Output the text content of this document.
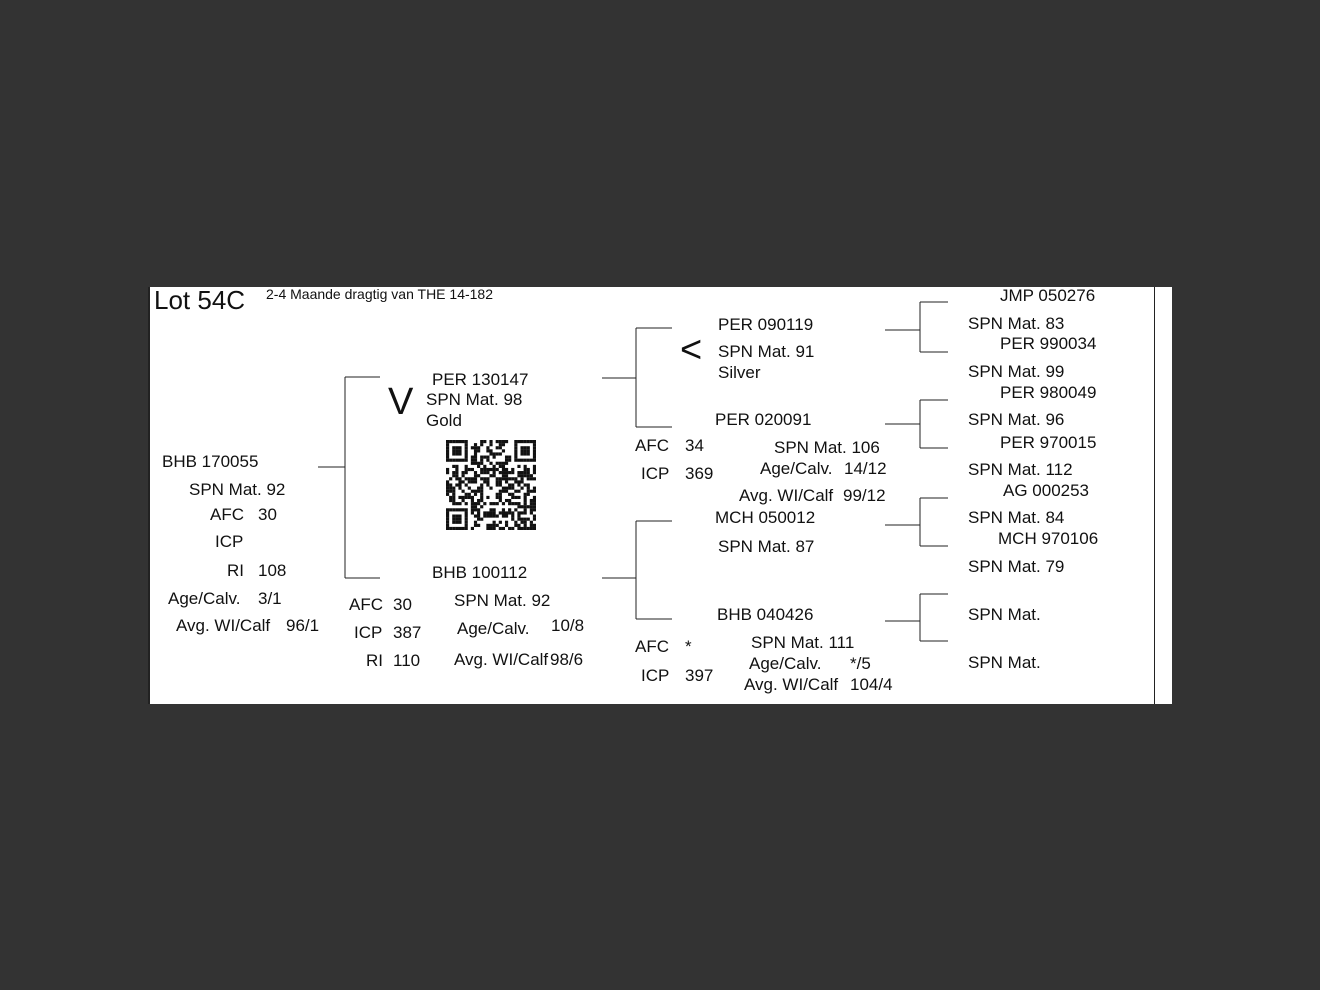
Lot 54C 2-4 Maande dragtig van THE 14-182
BHB 170055
SPN Mat. 92
AFC 30
ICP
RI 108
Age/Calv. 3/1
Avg. WI/Calf 96/1
V
PER 130147
SPN Mat. 98
Gold
BHB 100112
SPN Mat. 92
AFC 30
ICP 387
RI 110
Age/Calv. 10/8
Avg. WI/Calf 98/6
PER 090119
< SPN Mat. 91
Silver
PER 020091
AFC 34	SPN Mat. 106
ICP 369	Age/Calv. 14/12
Avg. WI/Calf 99/12
MCH 050012
SPN Mat. 87
BHB 040426
AFC *	SPN Mat. 111
ICP 397
Age/Calv. */5
Avg. WI/Calf 104/4
JMP 050276
SPN Mat. 83
PER 990034
SPN Mat. 99
PER 980049
SPN Mat. 96
PER 970015
SPN Mat. 112
AG 000253
SPN Mat. 84
MCH 970106
SPN Mat. 79
SPN Mat.
SPN Mat.
